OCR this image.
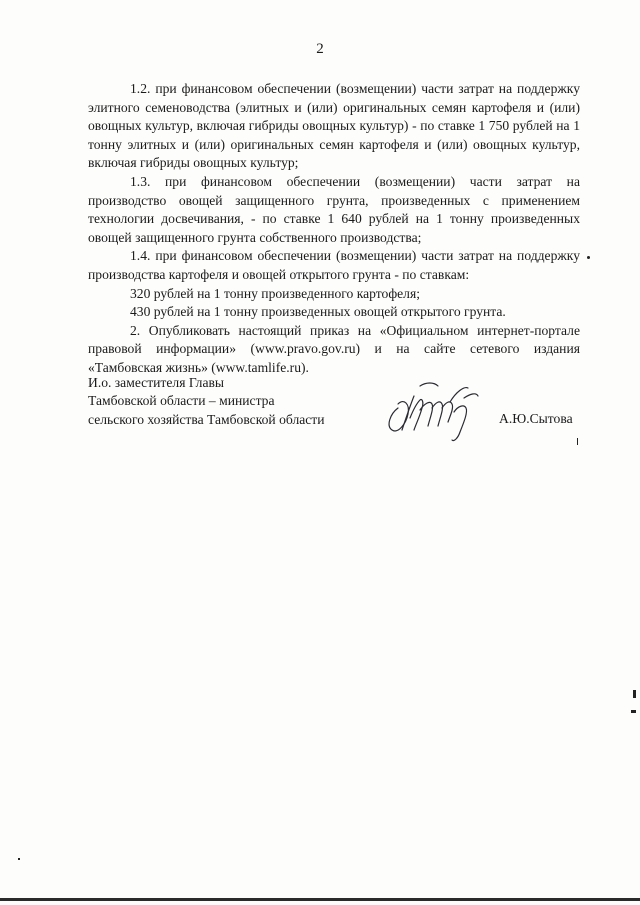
2

1.2. при финансовом обеспечении (возмещении) части затрат на поддержку элитного семеноводства (элитных и (или) оригинальных семян картофеля и (или) овощных культур, включая гибриды овощных культур) - по ставке 1 750 рублей на 1 тонну элитных и (или) оригинальных семян картофеля и (или) овощных культур, включая гибриды овощных культур;

1.3. при финансовом обеспечении (возмещении) части затрат на производство овощей защищенного грунта, произведенных с применением технологии досвечивания, - по ставке 1 640 рублей на 1 тонну произведенных овощей защищенного грунта собственного производства;

1.4. при финансовом обеспечении (возмещении) части затрат на поддержку производства картофеля и овощей открытого грунта - по ставкам:

320 рублей на 1 тонну произведенного картофеля;

430 рублей на 1 тонну произведенных овощей открытого грунта.

2. Опубликовать настоящий приказ на «Официальном интернет-портале правовой информации» (www.pravo.gov.ru) и на сайте сетевого издания «Тамбовская жизнь» (www.tamlife.ru).

И.о. заместителя Главы
Тамбовской области – министра
сельского хозяйства Тамбовской области	А.Ю.Сытова
